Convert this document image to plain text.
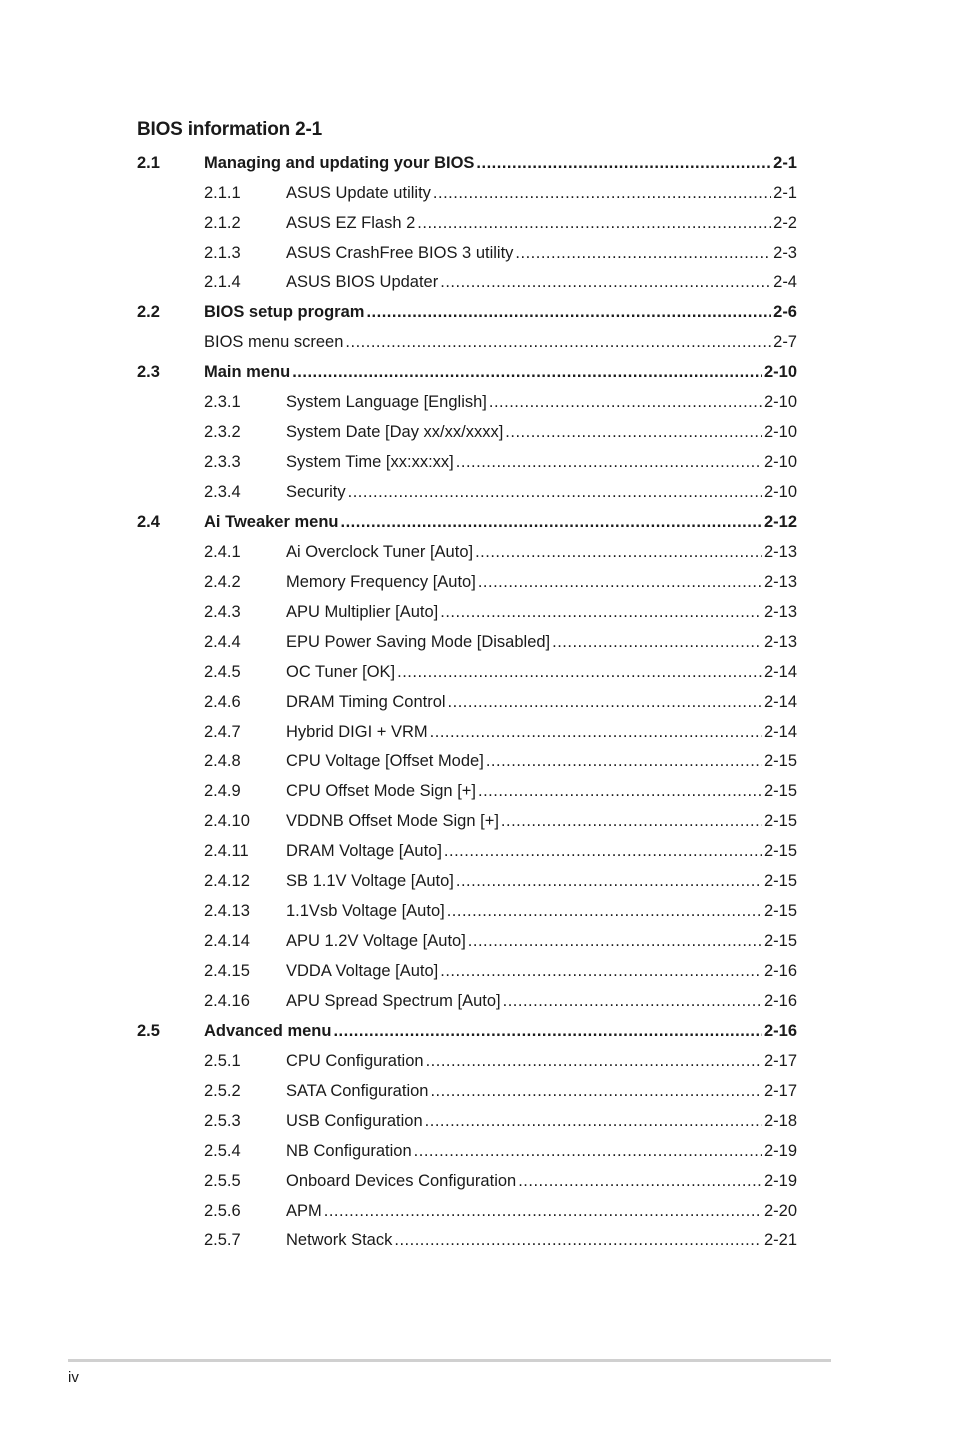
BIOS information 2-1
2.1	Managing and updating your BIOS .....	2-1
2.1.1	ASUS Update utility .....	2-1
2.1.2	ASUS EZ Flash 2 .....	2-2
2.1.3	ASUS CrashFree BIOS 3 utility .....	2-3
2.1.4	ASUS BIOS Updater .....	2-4
2.2	BIOS setup program .....	2-6
BIOS menu screen .....	2-7
2.3	Main menu .....	2-10
2.3.1	System Language [English] .....	2-10
2.3.2	System Date [Day xx/xx/xxxx] .....	2-10
2.3.3	System Time [xx:xx:xx] .....	2-10
2.3.4	Security .....	2-10
2.4	Ai Tweaker menu .....	2-12
2.4.1	Ai Overclock Tuner [Auto] .....	2-13
2.4.2	Memory Frequency [Auto] .....	2-13
2.4.3	APU Multiplier [Auto] .....	2-13
2.4.4	EPU Power Saving Mode [Disabled] .....	2-13
2.4.5	OC Tuner [OK] .....	2-14
2.4.6	DRAM Timing Control .....	2-14
2.4.7	Hybrid DIGI + VRM .....	2-14
2.4.8	CPU Voltage [Offset Mode] .....	2-15
2.4.9	CPU Offset Mode Sign [+] .....	2-15
2.4.10	VDDNB Offset Mode Sign [+] .....	2-15
2.4.11	DRAM Voltage [Auto] .....	2-15
2.4.12	SB 1.1V Voltage [Auto] .....	2-15
2.4.13	1.1Vsb Voltage [Auto] .....	2-15
2.4.14	APU 1.2V Voltage [Auto] .....	2-15
2.4.15	VDDA Voltage [Auto] .....	2-16
2.4.16	APU Spread Spectrum [Auto] .....	2-16
2.5	Advanced menu .....	2-16
2.5.1	CPU Configuration .....	2-17
2.5.2	SATA Configuration .....	2-17
2.5.3	USB Configuration .....	2-18
2.5.4	NB Configuration .....	2-19
2.5.5	Onboard Devices Configuration .....	2-19
2.5.6	APM .....	2-20
2.5.7	Network Stack .....	2-21
iv
